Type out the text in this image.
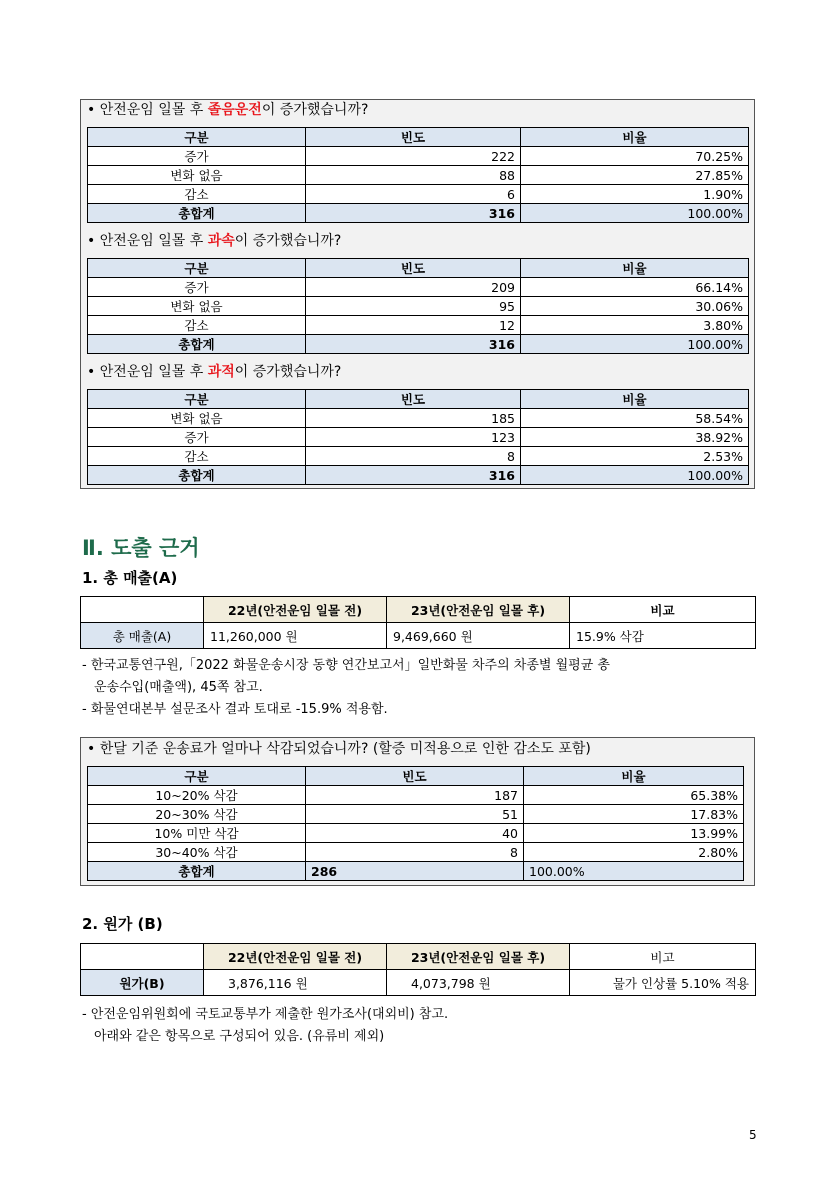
• 안전운임 일몰 후 졸음운전이 증가했습니까?
구분	빈도	비율
증가	222	70.25%
변화 없음	88	27.85%
감소	6	1.90%
총합계	316	100.00%
• 안전운임 일몰 후 과속이 증가했습니까?
구분	빈도	비율
증가	209	66.14%
변화 없음	95	30.06%
감소	12	3.80%
총합계	316	100.00%
• 안전운임 일몰 후 과적이 증가했습니까?
구분	빈도	비율
변화 없음	185	58.54%
증가	123	38.92%
감소	8	2.53%
총합계	316	100.00%
Ⅱ. 도출 근거
1. 총 매출(A)
	22년(안전운임 일몰 전)	23년(안전운임 일몰 후)	비교
총 매출(A)	11,260,000 원	9,469,660 원	15.9% 삭감
- 한국교통연구원,「2022 화물운송시장 동향 연간보고서」일반화물 차주의 차종별 월평균 총
운송수입(매출액), 45쪽 참고.
- 화물연대본부 설문조사 결과 토대로 -15.9% 적용함.
• 한달 기준 운송료가 얼마나 삭감되었습니까? (할증 미적용으로 인한 감소도 포함)
구분	빈도	비율
10~20% 삭감	187	65.38%
20~30% 삭감	51	17.83%
10% 미만 삭감	40	13.99%
30~40% 삭감	8	2.80%
총합계	286	100.00%
2. 원가 (B)
	22년(안전운임 일몰 전)	23년(안전운임 일몰 후)	비고
원가(B)	3,876,116 원	4,073,798 원	물가 인상률 5.10% 적용
- 안전운임위원회에 국토교통부가 제출한 원가조사(대외비) 참고.
아래와 같은 항목으로 구성되어 있음. (유류비 제외)
5
